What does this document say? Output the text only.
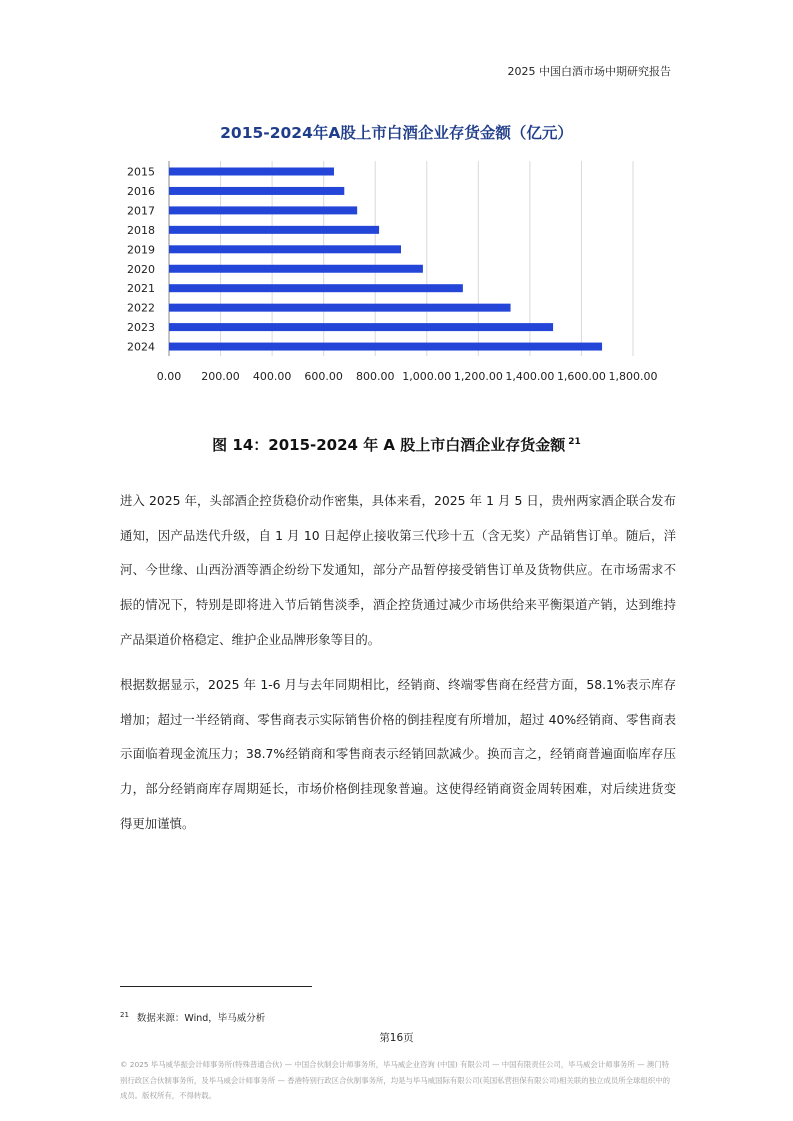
2025 中国白酒市场中期研究报告
2015-2024年A股上市白酒企业存货金额（亿元）
0.00 200.00 400.00 600.00 800.00 1,000.00 1,200.00 1,400.00 1,600.00 1,800.00
2015
2016
2017
2018
2019
2020
2021
2022
2023
2024
图 14：2015-2024 年 A 股上市白酒企业存货金额 $^{21}$
进入 2025 年，头部酒企控货稳价动作密集，具体来看，2025 年 1 月 5 日，贵州两家酒企联合发布通知，因产品迭代升级，自 1 月 10 日起停止接收第三代珍十五（含无奖）产品销售订单。随后，洋河、今世缘、山西汾酒等酒企纷纷下发通知，部分产品暂停接受销售订单及货物供应。在市场需求不振的情况下，特别是即将进入节后销售淡季，酒企控货通过减少市场供给来平衡渠道产销，达到维持产品渠道价格稳定、维护企业品牌形象等目的。
根据数据显示，2025 年 1-6 月与去年同期相比，经销商、终端零售商在经营方面，58.1%表示库存增加；超过一半经销商、零售商表示实际销售价格的倒挂程度有所增加，超过 40%经销商、零售商表示面临着现金流压力；38.7%经销商和零售商表示经销回款减少。换而言之，经销商普遍面临库存压力，部分经销商库存周期延长，市场价格倒挂现象普遍。这使得经销商资金周转困难，对后续进货变得更加谨慎。
$^{21}$ 数据来源：Wind，毕马威分析
第16页
© 2025 毕马威华振会计师事务所(特殊普通合伙) — 中国合伙制会计师事务所，毕马威企业咨询 (中国) 有限公司 — 中国有限责任公司，毕马威会计师事务所 — 澳门特别行政区合伙制事务所，及毕马威会计师事务所 — 香港特别行政区合伙制事务所，均是与毕马威国际有限公司(英国私营担保有限公司)相关联的独立成员所全球组织中的成员。版权所有，不得转载。
